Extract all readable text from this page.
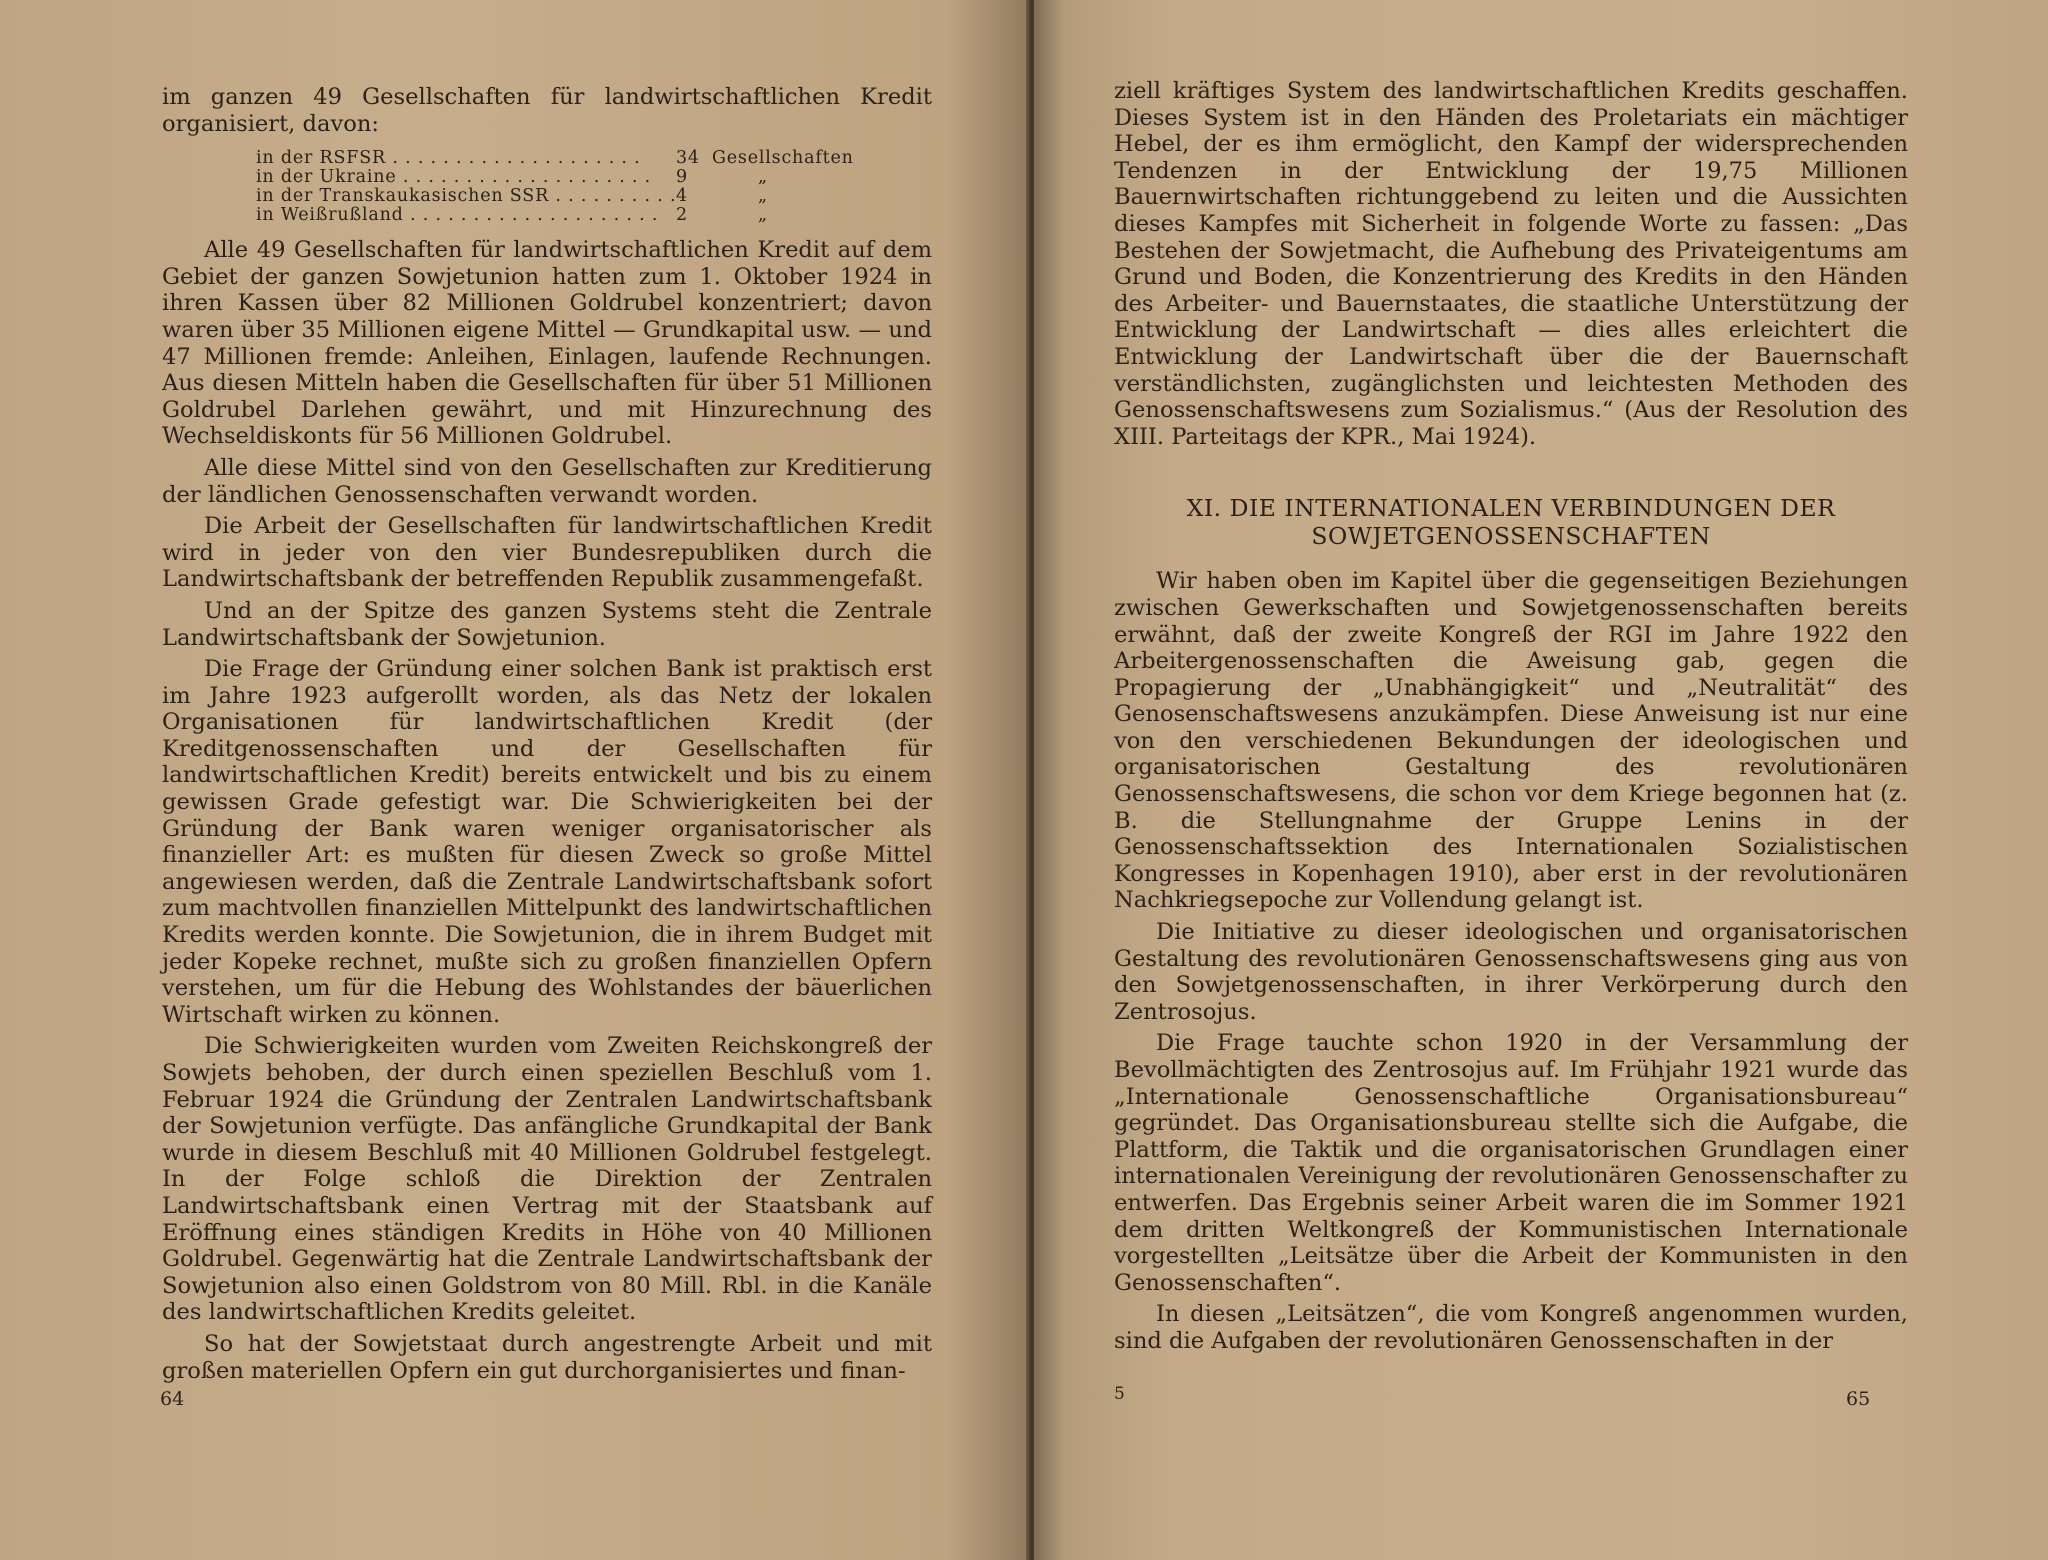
im ganzen 49 Gesellschaften für landwirtschaftlichen Kredit organisiert, davon:

in der RSFSR . . .	34 Gesellschaften
in der Ukraine . . .	9	„
in der Transkaukasischen SSR . . .	4	„
in Weißrußland . . .	2	„

Alle 49 Gesellschaften für landwirtschaftlichen Kredit auf dem Gebiet der ganzen Sowjetunion hatten zum 1. Oktober 1924 in ihren Kassen über 82 Millionen Goldrubel konzentriert; davon waren über 35 Millionen eigene Mittel — Grundkapital usw. — und 47 Millionen fremde: Anleihen, Einlagen, laufende Rechnungen. Aus diesen Mitteln haben die Gesellschaften für über 51 Millionen Goldrubel Darlehen gewährt, und mit Hinzurechnung des Wechseldiskonts für 56 Millionen Goldrubel.

Alle diese Mittel sind von den Gesellschaften zur Kreditierung der ländlichen Genossenschaften verwandt worden.

Die Arbeit der Gesellschaften für landwirtschaftlichen Kredit wird in jeder von den vier Bundesrepubliken durch die Landwirtschaftsbank der betreffenden Republik zusammengefaßt.

Und an der Spitze des ganzen Systems steht die Zentrale Landwirtschaftsbank der Sowjetunion.

Die Frage der Gründung einer solchen Bank ist praktisch erst im Jahre 1923 aufgerollt worden, als das Netz der lokalen Organisationen für landwirtschaftlichen Kredit (der Kreditgenossenschaften und der Gesellschaften für landwirtschaftlichen Kredit) bereits entwickelt und bis zu einem gewissen Grade gefestigt war. Die Schwierigkeiten bei der Gründung der Bank waren weniger organisatorischer als finanzieller Art: es mußten für diesen Zweck so große Mittel angewiesen werden, daß die Zentrale Landwirtschaftsbank sofort zum machtvollen finanziellen Mittelpunkt des landwirtschaftlichen Kredits werden konnte. Die Sowjetunion, die in ihrem Budget mit jeder Kopeke rechnet, mußte sich zu großen finanziellen Opfern verstehen, um für die Hebung des Wohlstandes der bäuerlichen Wirtschaft wirken zu können.

Die Schwierigkeiten wurden vom Zweiten Reichskongreß der Sowjets behoben, der durch einen speziellen Beschluß vom 1. Februar 1924 die Gründung der Zentralen Landwirtschaftsbank der Sowjetunion verfügte. Das anfängliche Grundkapital der Bank wurde in diesem Beschluß mit 40 Millionen Goldrubel festgelegt. In der Folge schloß die Direktion der Zentralen Landwirtschaftsbank einen Vertrag mit der Staatsbank auf Eröffnung eines ständigen Kredits in Höhe von 40 Millionen Goldrubel. Gegenwärtig hat die Zentrale Landwirtschaftsbank der Sowjetunion also einen Goldstrom von 80 Mill. Rbl. in die Kanäle des landwirtschaftlichen Kredits geleitet.

So hat der Sowjetstaat durch angestrengte Arbeit und mit großen materiellen Opfern ein gut durchorganisiertes und finan-

64

ziell kräftiges System des landwirtschaftlichen Kredits geschaffen. Dieses System ist in den Händen des Proletariats ein mächtiger Hebel, der es ihm ermöglicht, den Kampf der widersprechenden Tendenzen in der Entwicklung der 19,75 Millionen Bauernwirtschaften richtunggebend zu leiten und die Aussichten dieses Kampfes mit Sicherheit in folgende Worte zu fassen: „Das Bestehen der Sowjetmacht, die Aufhebung des Privateigentums am Grund und Boden, die Konzentrierung des Kredits in den Händen des Arbeiter- und Bauernstaates, die staatliche Unterstützung der Entwicklung der Landwirtschaft — dies alles erleichtert die Entwicklung der Landwirtschaft über die der Bauernschaft verständlichsten, zugänglichsten und leichtesten Methoden des Genossenschaftswesens zum Sozialismus.“ (Aus der Resolution des XIII. Parteitags der KPR., Mai 1924).

XI. DIE INTERNATIONALEN VERBINDUNGEN DER
SOWJETGENOSSENSCHAFTEN

Wir haben oben im Kapitel über die gegenseitigen Beziehungen zwischen Gewerkschaften und Sowjetgenossenschaften bereits erwähnt, daß der zweite Kongreß der RGI im Jahre 1922 den Arbeitergenossenschaften die Aweisung gab, gegen die Propagierung der „Unabhängigkeit“ und „Neutralität“ des Genosenschaftswesens anzukämpfen. Diese Anweisung ist nur eine von den verschiedenen Bekundungen der ideologischen und organisatorischen Gestaltung des revolutionären Genossenschaftswesens, die schon vor dem Kriege begonnen hat (z. B. die Stellungnahme der Gruppe Lenins in der Genossenschaftssektion des Internationalen Sozialistischen Kongresses in Kopenhagen 1910), aber erst in der revolutionären Nachkriegsepoche zur Vollendung gelangt ist.

Die Initiative zu dieser ideologischen und organisatorischen Gestaltung des revolutionären Genossenschaftswesens ging aus von den Sowjetgenossenschaften, in ihrer Verkörperung durch den Zentrosojus.

Die Frage tauchte schon 1920 in der Versammlung der Bevollmächtigten des Zentrosojus auf. Im Frühjahr 1921 wurde das „Internationale Genossenschaftliche Organisationsbureau“ gegründet. Das Organisationsbureau stellte sich die Aufgabe, die Plattform, die Taktik und die organisatorischen Grundlagen einer internationalen Vereinigung der revolutionären Genossenschafter zu entwerfen. Das Ergebnis seiner Arbeit waren die im Sommer 1921 dem dritten Weltkongreß der Kommunistischen Internationale vorgestellten „Leitsätze über die Arbeit der Kommunisten in den Genossenschaften“.

In diesen „Leitsätzen“, die vom Kongreß angenommen wurden, sind die Aufgaben der revolutionären Genossenschaften in der

5	65
